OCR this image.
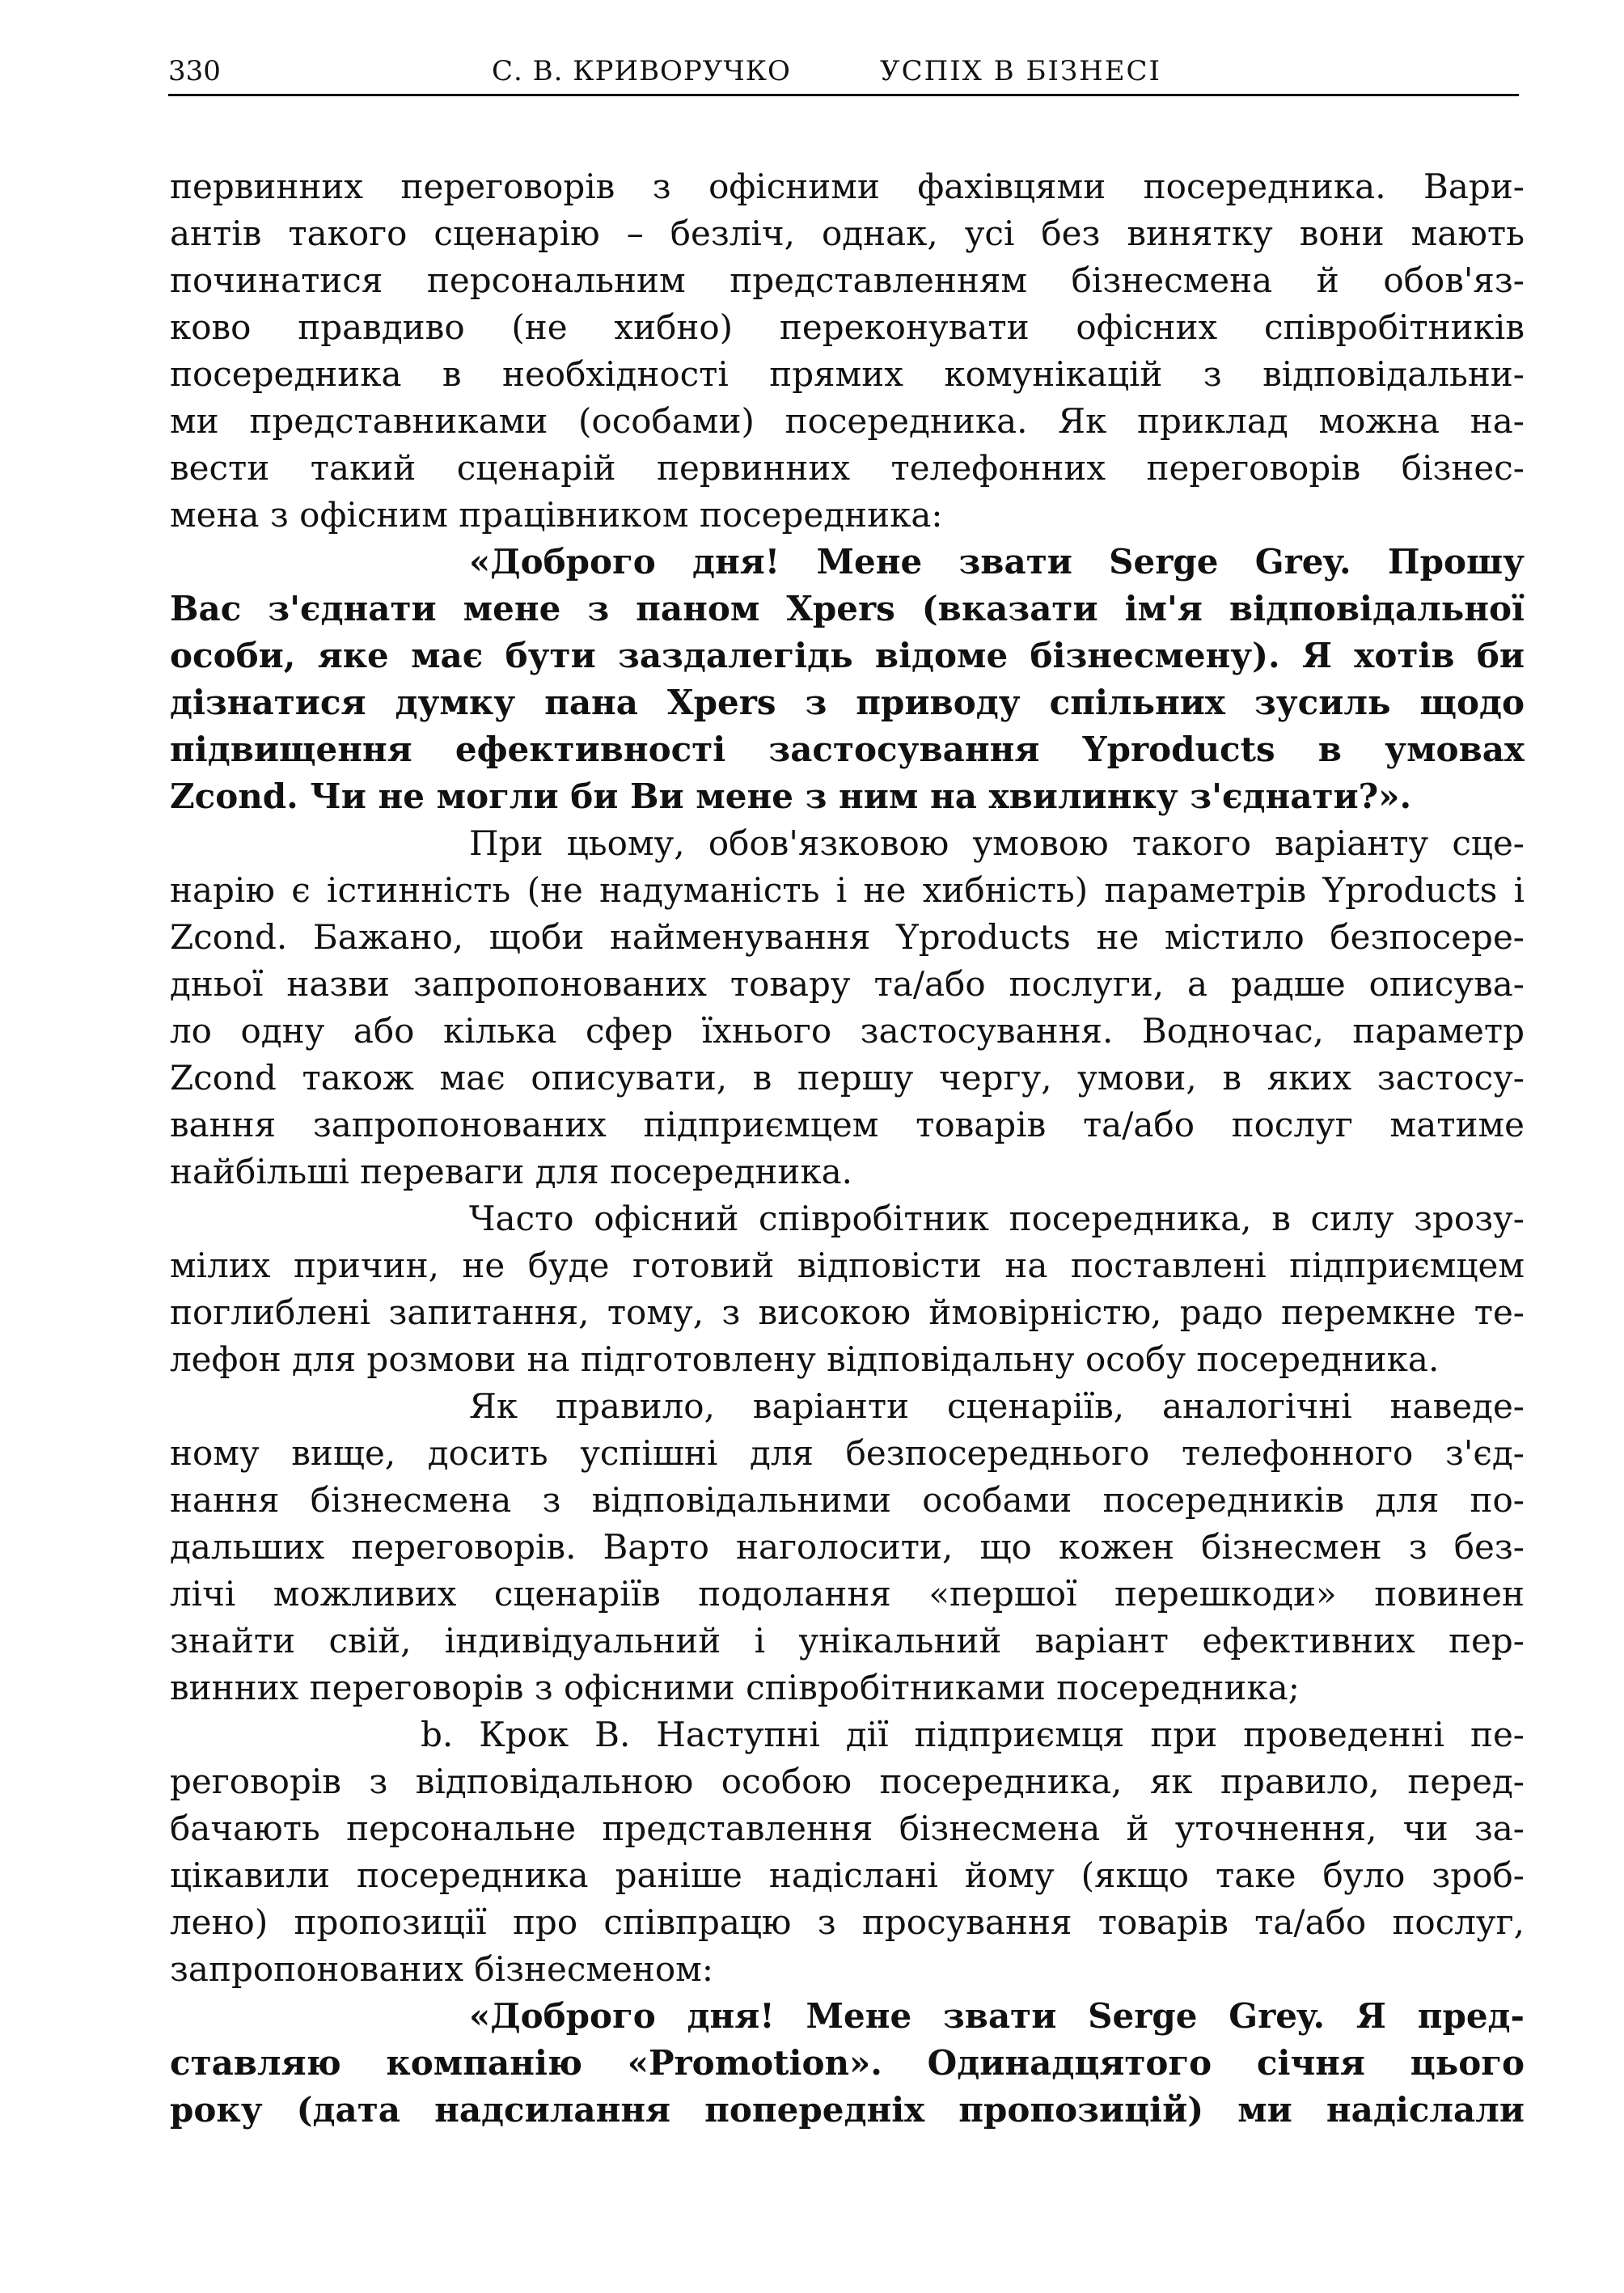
330	С. В. КРИВОРУЧКО	УСПІХ В БІЗНЕСІ
первинних переговорів з офісними фахівцями посередника. Вари-
антів такого сценарію – безліч, однак, усі без винятку вони мають
починатися персональним представленням бізнесмена й обов'яз-
ково правдиво (не хибно) переконувати офісних співробітників
посередника в необхідності прямих комунікацій з відповідальни-
ми представниками (особами) посередника. Як приклад можна на-
вести такий сценарій первинних телефонних переговорів бізнес-
мена з офісним працівником посередника:
«Доброго дня! Мене звати Serge Grey. Прошу
Вас з'єднати мене з паном Xpers (вказати ім'я відповідальної
особи, яке має бути заздалегідь відоме бізнесмену). Я хотів би
дізнатися думку пана Xpers з приводу спільних зусиль щодо
підвищення ефективності застосування Yproducts в умовах
Zcond. Чи не могли би Ви мене з ним на хвилинку з'єднати?».
При цьому, обов'язковою умовою такого варіанту сце-
нарію є істинність (не надуманість і не хибність) параметрів Yproducts і
Zcond. Бажано, щоби найменування Yproducts не містило безпосере-
дньої назви запропонованих товару та/або послуги, а радше описува-
ло одну або кілька сфер їхнього застосування. Водночас, параметр
Zcond також має описувати, в першу чергу, умови, в яких застосу-
вання запропонованих підприємцем товарів та/або послуг матиме
найбільші переваги для посередника.
Часто офісний співробітник посередника, в силу зрозу-
мілих причин, не буде готовий відповісти на поставлені підприємцем
поглиблені запитання, тому, з високою ймовірністю, радо перемкне те-
лефон для розмови на підготовлену відповідальну особу посередника.
Як правило, варіанти сценаріїв, аналогічні наведе-
ному вище, досить успішні для безпосереднього телефонного з'єд-
нання бізнесмена з відповідальними особами посередників для по-
дальших переговорів. Варто наголосити, що кожен бізнесмен з без-
лічі можливих сценаріїв подолання «першої перешкоди» повинен
знайти свій, індивідуальний і унікальний варіант ефективних пер-
винних переговорів з офісними співробітниками посередника;
b. Крок B. Наступні дії підприємця при проведенні пе-
реговорів з відповідальною особою посередника, як правило, перед-
бачають персональне представлення бізнесмена й уточнення, чи за-
цікавили посередника раніше надіслані йому (якщо таке було зроб-
лено) пропозиції про співпрацю з просування товарів та/або послуг,
запропонованих бізнесменом:
«Доброго дня! Мене звати Serge Grey. Я пред-
ставляю компанію «Promotion». Одинадцятого січня цього
року (дата надсилання попередніх пропозицій) ми надіслали
